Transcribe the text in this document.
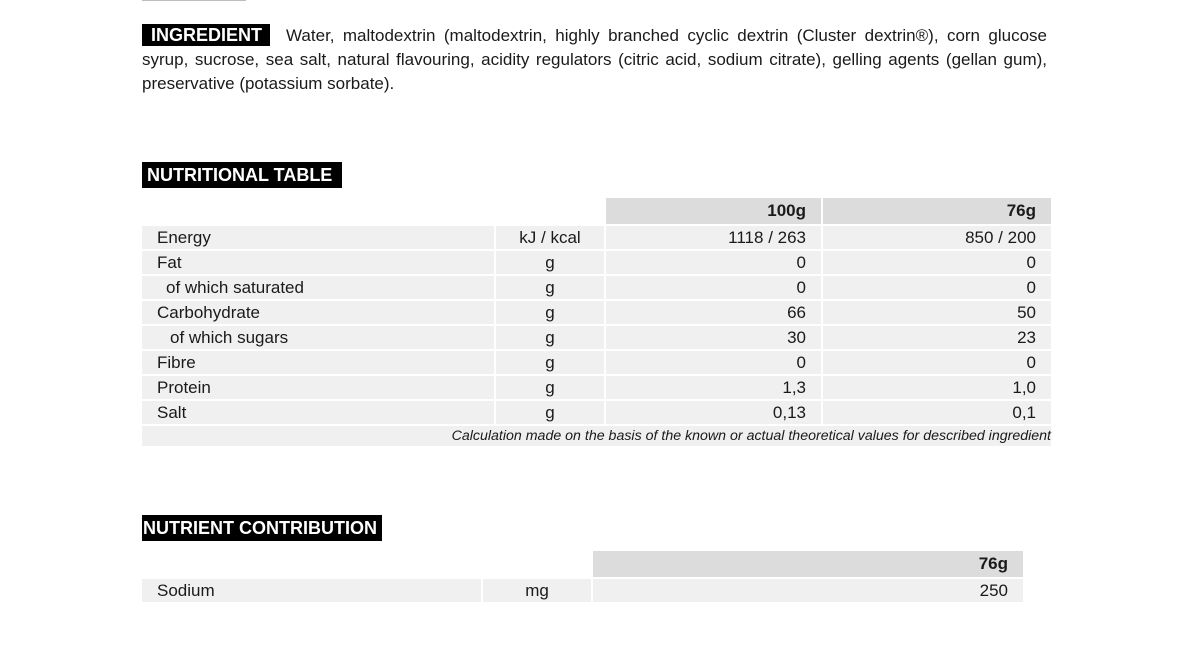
INGREDIENT Water, maltodextrin (maltodextrin, highly branched cyclic dextrin (Cluster dextrin®), corn glucose syrup, sucrose, sea salt, natural flavouring, acidity regulators (citric acid, sodium citrate), gelling agents (gellan gum), preservative (potassium sorbate).
NUTRITIONAL TABLE
		100g	76g
Energy	kJ / kcal	1118 / 263	850 / 200
Fat	g	0	0
of which saturated	g	0	0
Carbohydrate	g	66	50
of which sugars	g	30	23
Fibre	g	0	0
Protein	g	1,3	1,0
Salt	g	0,13	0,1
Calculation made on the basis of the known or actual theoretical values for described ingredient			
NUTRIENT CONTRIBUTION
		76g
Sodium	mg	250
